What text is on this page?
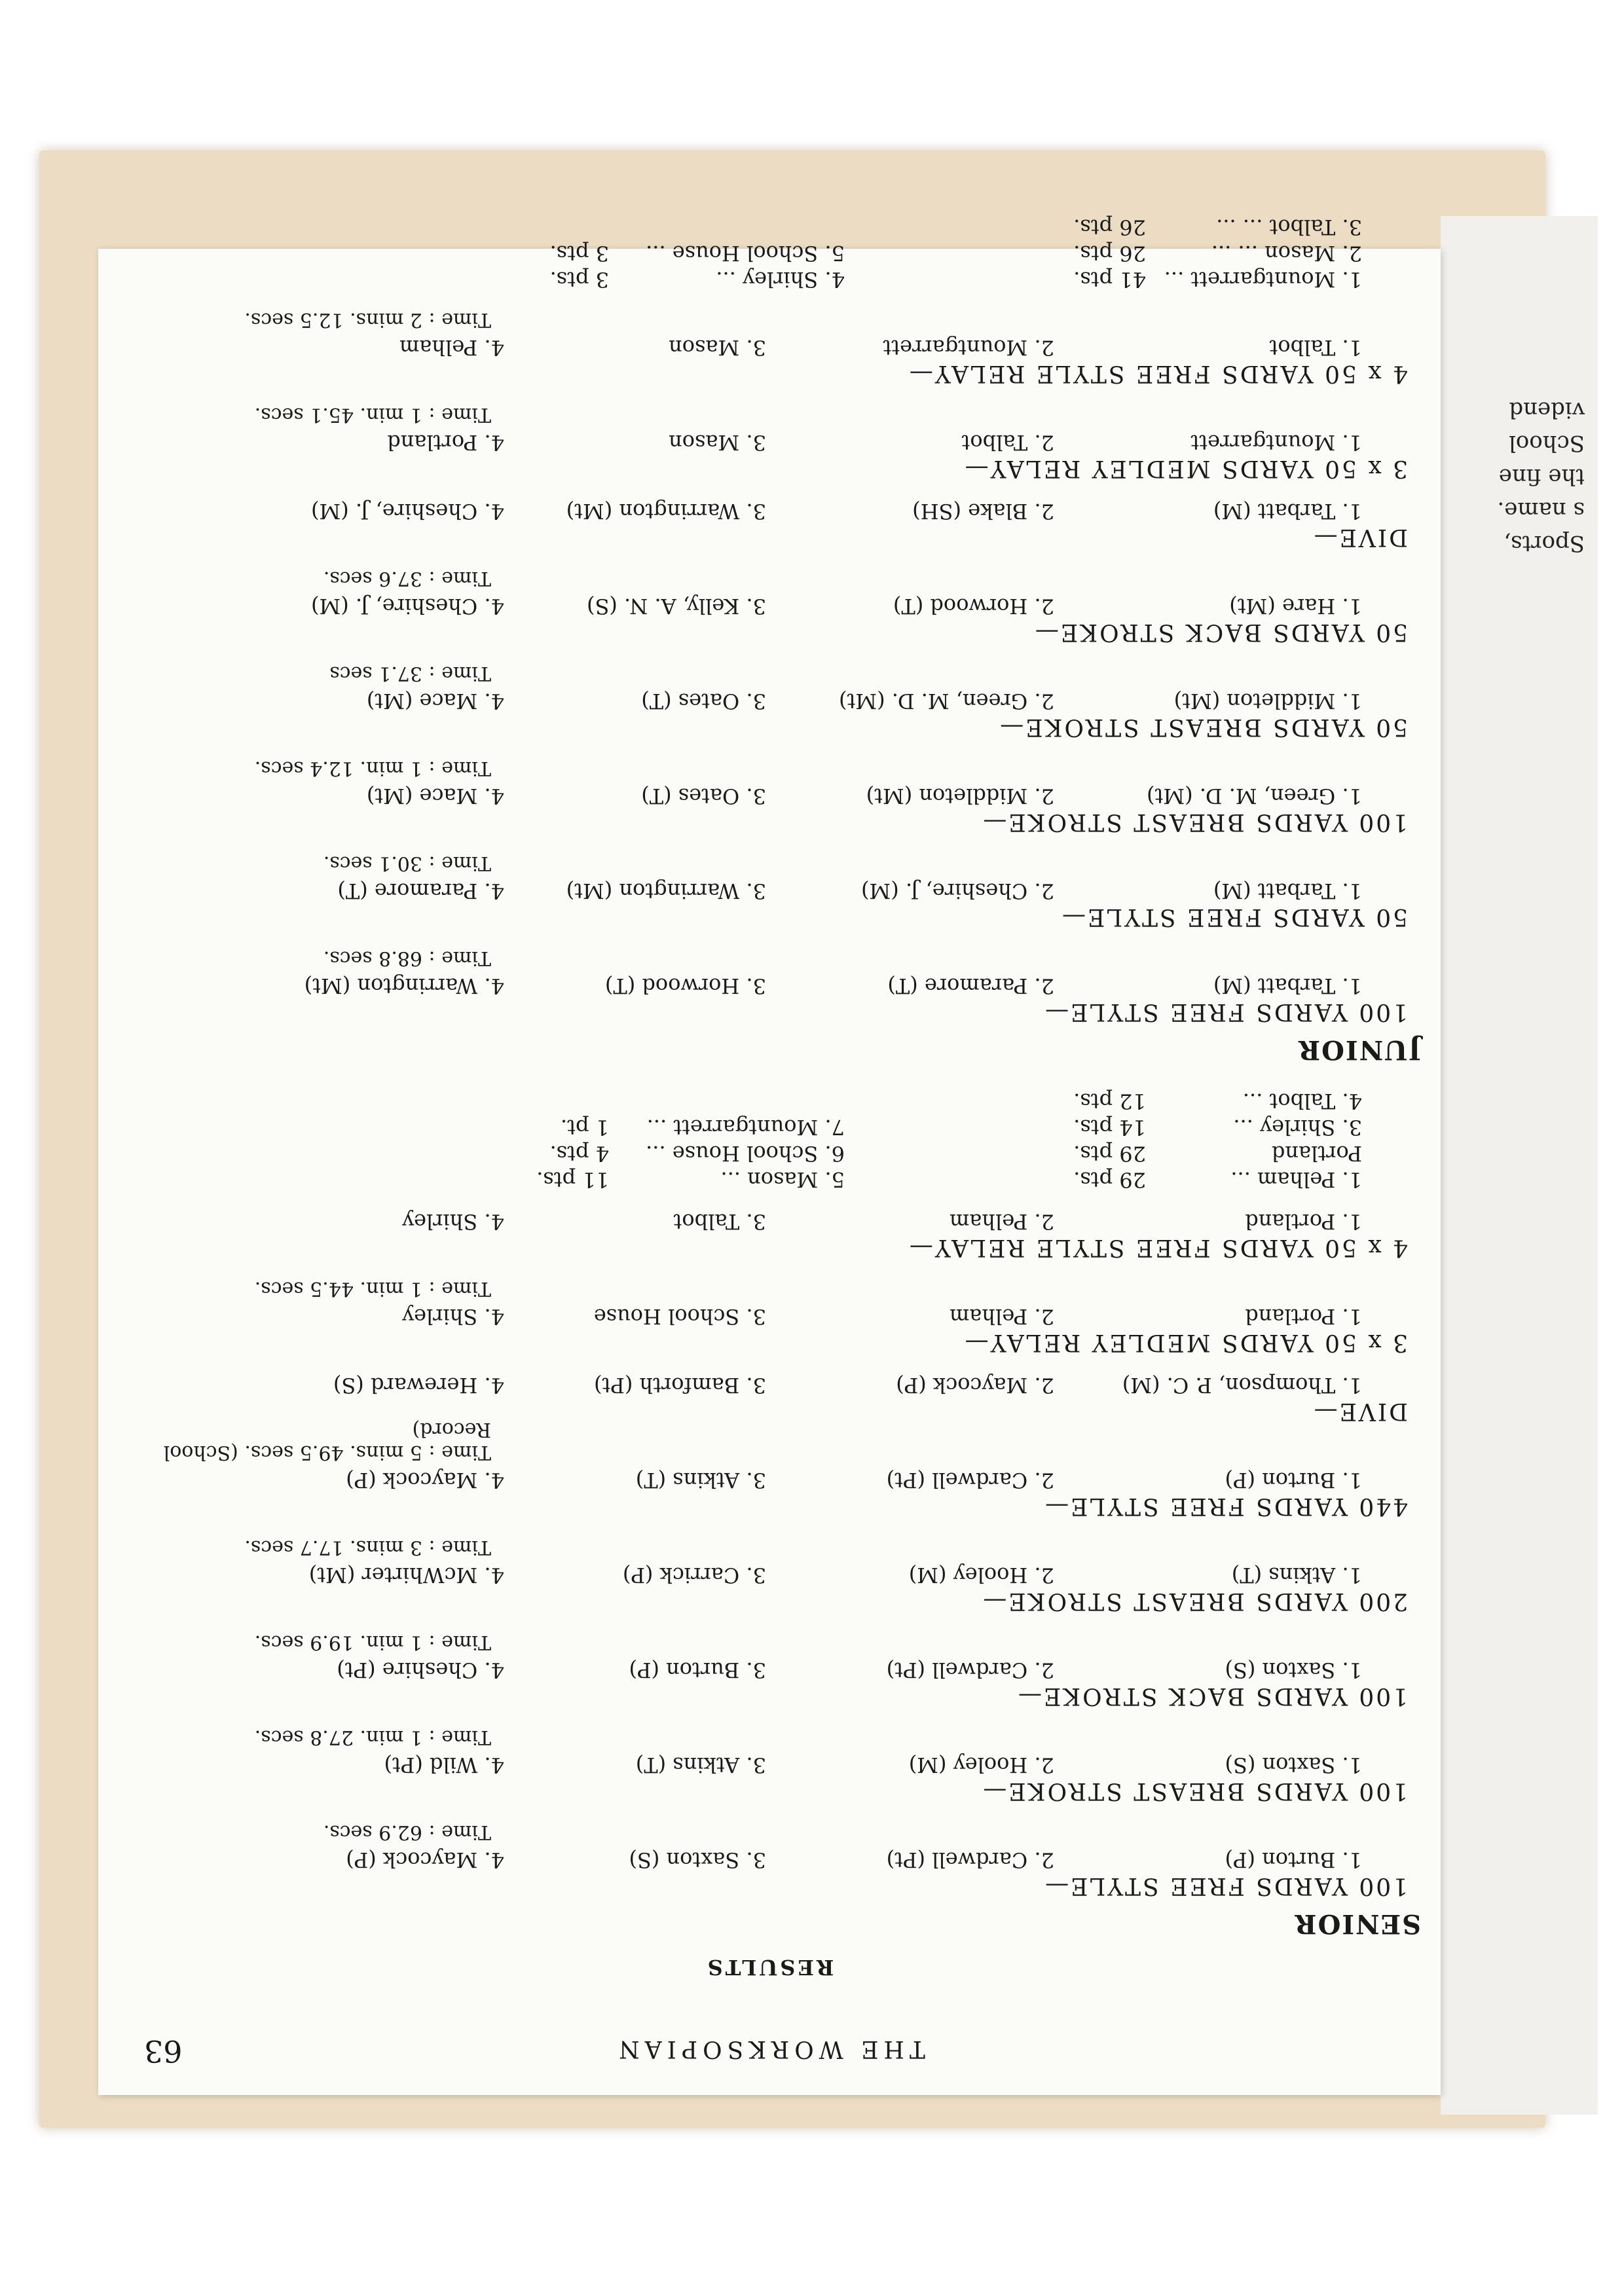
Sports,
s name.
the fine
School
vidend
THE WORKSOPIAN
63
RESULTS
SENIOR
100 YARDS FREE STYLE—
1. Burton (P)
2. Cardwell (Pt)
3. Saxton (S)
4. Maycock (P)
Time : 62.9 secs.
100 YARDS BREAST STROKE—
1. Saxton (S)
2. Hooley (M)
3. Atkins (T)
4. Wild (Pt)
Time : 1 min. 27.8 secs.
100 YARDS BACK STROKE—
1. Saxton (S)
2. Cardwell (Pt)
3. Burton (P)
4. Cheshire (Pt)
Time : 1 min. 19.9 secs.
200 YARDS BREAST STROKE—
1. Atkins (T)
2. Hooley (M)
3. Carrick (P)
4. McWhirter (Mt)
Time : 3 mins. 17.7 secs.
440 YARDS FREE STYLE—
1. Burton (P)
2. Cardwell (Pt)
3. Atkins (T)
4. Maycock (P)
Time : 5 mins. 49.5 secs. (School Record)
DIVE—
1. Thompson, P. C. (M)
2. Maycock (P)
3. Bamforth (Pt)
4. Hereward (S)
3 x 50 YARDS MEDLEY RELAY—
1. Portland
2. Pelham
3. School House
4. Shirley
Time : 1 min. 44.5 secs.
4 x 50 YARDS FREE STYLE RELAY—
1. Portland
2. Pelham
3. Talbot
4. Shirley
1. Pelham ...
29 pts.
5. Mason ...
11 pts.
Portland
29 pts.
6. School House ...
4 pts.
3. Shirley ...
14 pts.
7. Mountgarrett ...
1 pt.
4. Talbot ...
12 pts.
JUNIOR
100 YARDS FREE STYLE—
1. Tarbatt (M)
2. Paramore (T)
3. Horwood (T)
4. Warrington (Mt)
Time : 68.8 secs.
50 YARDS FREE STYLE—
1. Tarbatt (M)
2. Cheshire, J. (M)
3. Warrington (Mt)
4. Paramore (T)
Time : 30.1 secs.
100 YARDS BREAST STROKE—
1. Green, M. D. (Mt)
2. Middleton (Mt)
3. Oates (T)
4. Mace (Mt)
Time : 1 min. 12.4 secs.
50 YARDS BREAST STROKE—
1. Middleton (Mt)
2. Green, M. D. (Mt)
3. Oates (T)
4. Mace (Mt)
Time : 37.1 secs
50 YARDS BACK STROKE—
1. Hare (Mt)
2. Horwood (T)
3. Kelly, A. N. (S)
4. Cheshire, J. (M)
Time : 37.6 secs.
DIVE—
1. Tarbatt (M)
2. Blake (SH)
3. Warrington (Mt)
4. Cheshire, J. (M)
3 x 50 YARDS MEDLEY RELAY—
1. Mountgarrett
2. Talbot
3. Mason
4. Portland
Time : 1 min. 45.1 secs.
4 x 50 YARDS FREE STYLE RELAY—
1. Talbot
2. Mountgarrett
3. Mason
4. Pelham
Time : 2 mins. 12.5 secs.
1. Mountgarrett ...
41 pts.
4. Shirley ...
3 pts.
2. Mason ... ...
26 pts.
5. School House ...
3 pts.
3. Talbot ... ...
26 pts.
